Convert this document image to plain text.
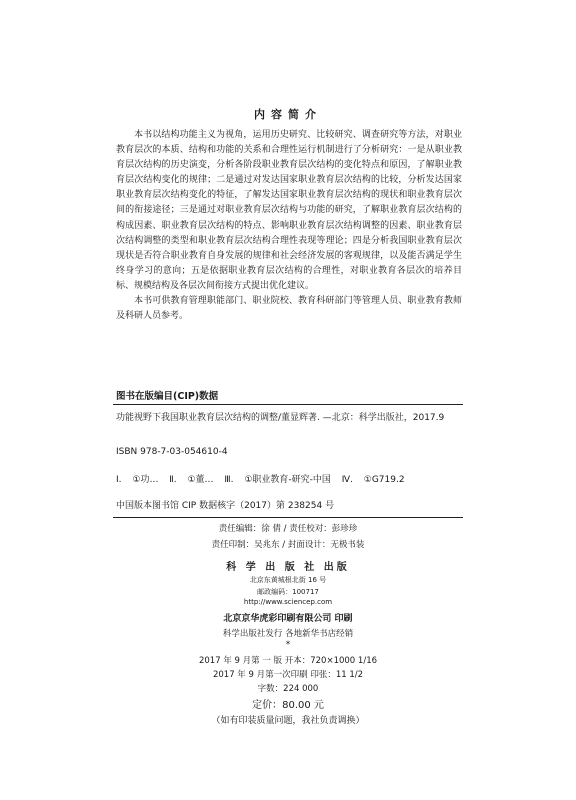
内容简介

本书以结构功能主义为视角，运用历史研究、比较研究、调查研究等方法，对职业教育层次的本质、结构和功能的关系和合理性运行机制进行了分析研究：一是从职业教育层次结构的历史演变，分析各阶段职业教育层次结构的变化特点和原因，了解职业教育层次结构变化的规律；二是通过对发达国家职业教育层次结构的比较，分析发达国家职业教育层次结构变化的特征，了解发达国家职业教育层次结构的现状和职业教育层次间的衔接途径；三是通过对职业教育层次结构与功能的研究，了解职业教育层次结构的构成因素、职业教育层次结构的特点、影响职业教育层次结构调整的因素、职业教育层次结构调整的类型和职业教育层次结构合理性表现等理论；四是分析我国职业教育层次现状是否符合职业教育自身发展的规律和社会经济发展的客观规律，以及能否满足学生终身学习的意向；五是依据职业教育层次结构的合理性，对职业教育各层次的培养目标、规模结构及各层次间衔接方式提出优化建议。

本书可供教育管理职能部门、职业院校、教育科研部门等管理人员、职业教育教师及科研人员参考。

图书在版编目(CIP)数据
功能视野下我国职业教育层次结构的调整/董显辉著. —北京：科学出版社，2017.9
ISBN 978-7-03-054610-4
Ⅰ. ①功… Ⅱ. ①董… Ⅲ. ①职业教育-研究-中国 Ⅳ. ①G719.2
中国版本图书馆 CIP 数据核字（2017）第 238254 号
责任编辑：徐 倩 / 责任校对：彭珍珍
责任印制：吴兆东 / 封面设计：无极书装
科 学 出 版 社 出版
北京东黄城根北街 16 号
邮政编码：100717
http://www.sciencep.com
北京京华虎彩印刷有限公司 印刷
科学出版社发行 各地新华书店经销
*
2017 年 9 月第 一 版 开本：720×1000 1/16
2017 年 9 月第一次印刷 印张：11 1/2
字数：224 000
定价：80.00 元
（如有印装质量问题，我社负责调换）
